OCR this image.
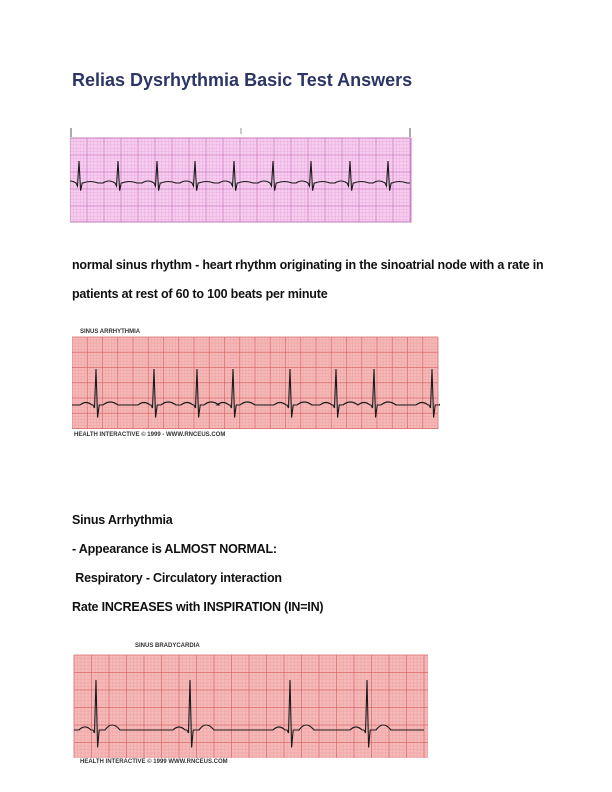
Relias Dysrhythmia Basic Test Answers
normal sinus rhythm - heart rhythm originating in the sinoatrial node with a rate in
patients at rest of 60 to 100 beats per minute
SINUS ARRHYTHMIA
HEALTH INTERACTIVE © 1999 - WWW.RNCEUS.COM
Sinus Arrhythmia
- Appearance is ALMOST NORMAL:
Respiratory - Circulatory interaction
Rate INCREASES with INSPIRATION (IN=IN)
SINUS BRADYCARDIA
HEALTH INTERACTIVE © 1999 WWW.RNCEUS.COM
